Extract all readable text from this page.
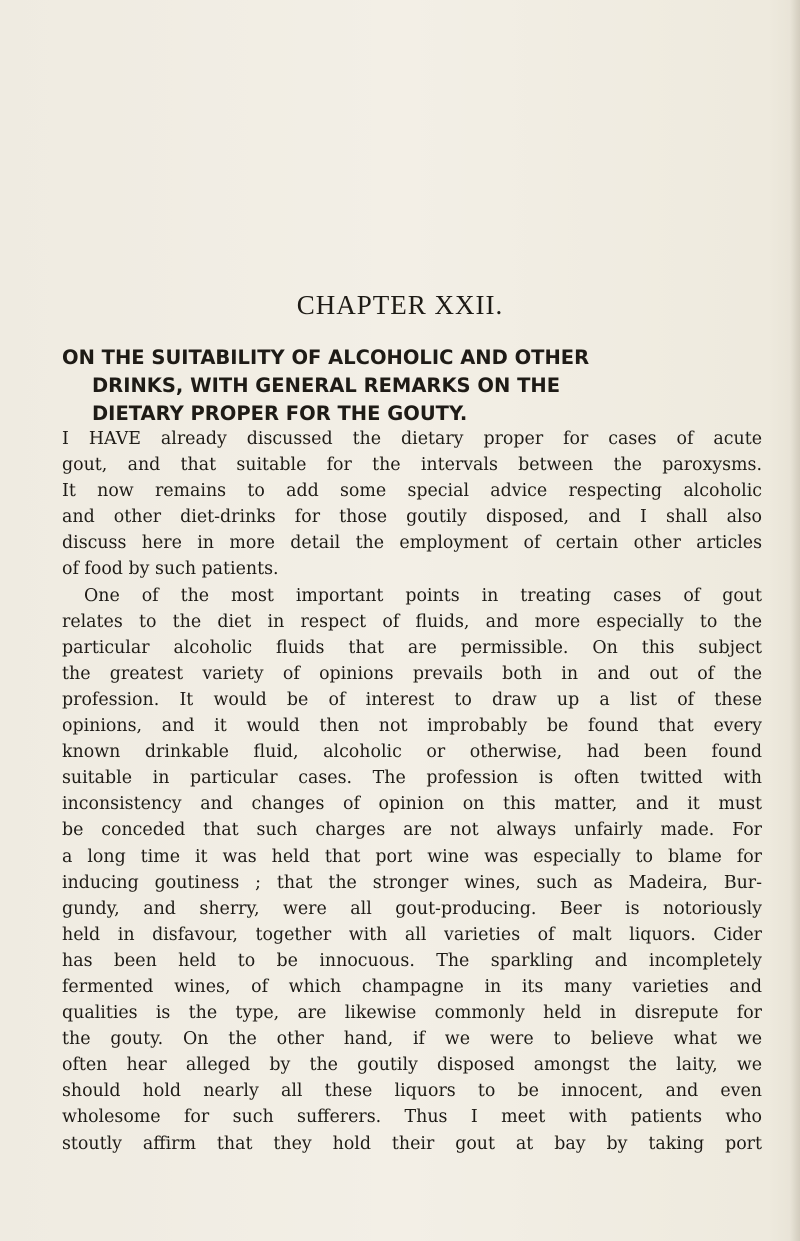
CHAPTER XXII.
ON THE SUITABILITY OF ALCOHOLIC AND OTHER
DRINKS, WITH GENERAL REMARKS ON THE
DIETARY PROPER FOR THE GOUTY.
I HAVE already discussed the dietary proper for cases of acute
gout, and that suitable for the intervals between the paroxysms.
It now remains to add some special advice respecting alcoholic
and other diet-drinks for those goutily disposed, and I shall also
discuss here in more detail the employment of certain other articles
of food by such patients.
One of the most important points in treating cases of gout
relates to the diet in respect of fluids, and more especially to the
particular alcoholic fluids that are permissible. On this subject
the greatest variety of opinions prevails both in and out of the
profession. It would be of interest to draw up a list of these
opinions, and it would then not improbably be found that every
known drinkable fluid, alcoholic or otherwise, had been found
suitable in particular cases. The profession is often twitted with
inconsistency and changes of opinion on this matter, and it must
be conceded that such charges are not always unfairly made. For
a long time it was held that port wine was especially to blame for
inducing goutiness ; that the stronger wines, such as Madeira, Bur-
gundy, and sherry, were all gout-producing. Beer is notoriously
held in disfavour, together with all varieties of malt liquors. Cider
has been held to be innocuous. The sparkling and incompletely
fermented wines, of which champagne in its many varieties and
qualities is the type, are likewise commonly held in disrepute for
the gouty. On the other hand, if we were to believe what we
often hear alleged by the goutily disposed amongst the laity, we
should hold nearly all these liquors to be innocent, and even
wholesome for such sufferers. Thus I meet with patients who
stoutly affirm that they hold their gout at bay by taking port
